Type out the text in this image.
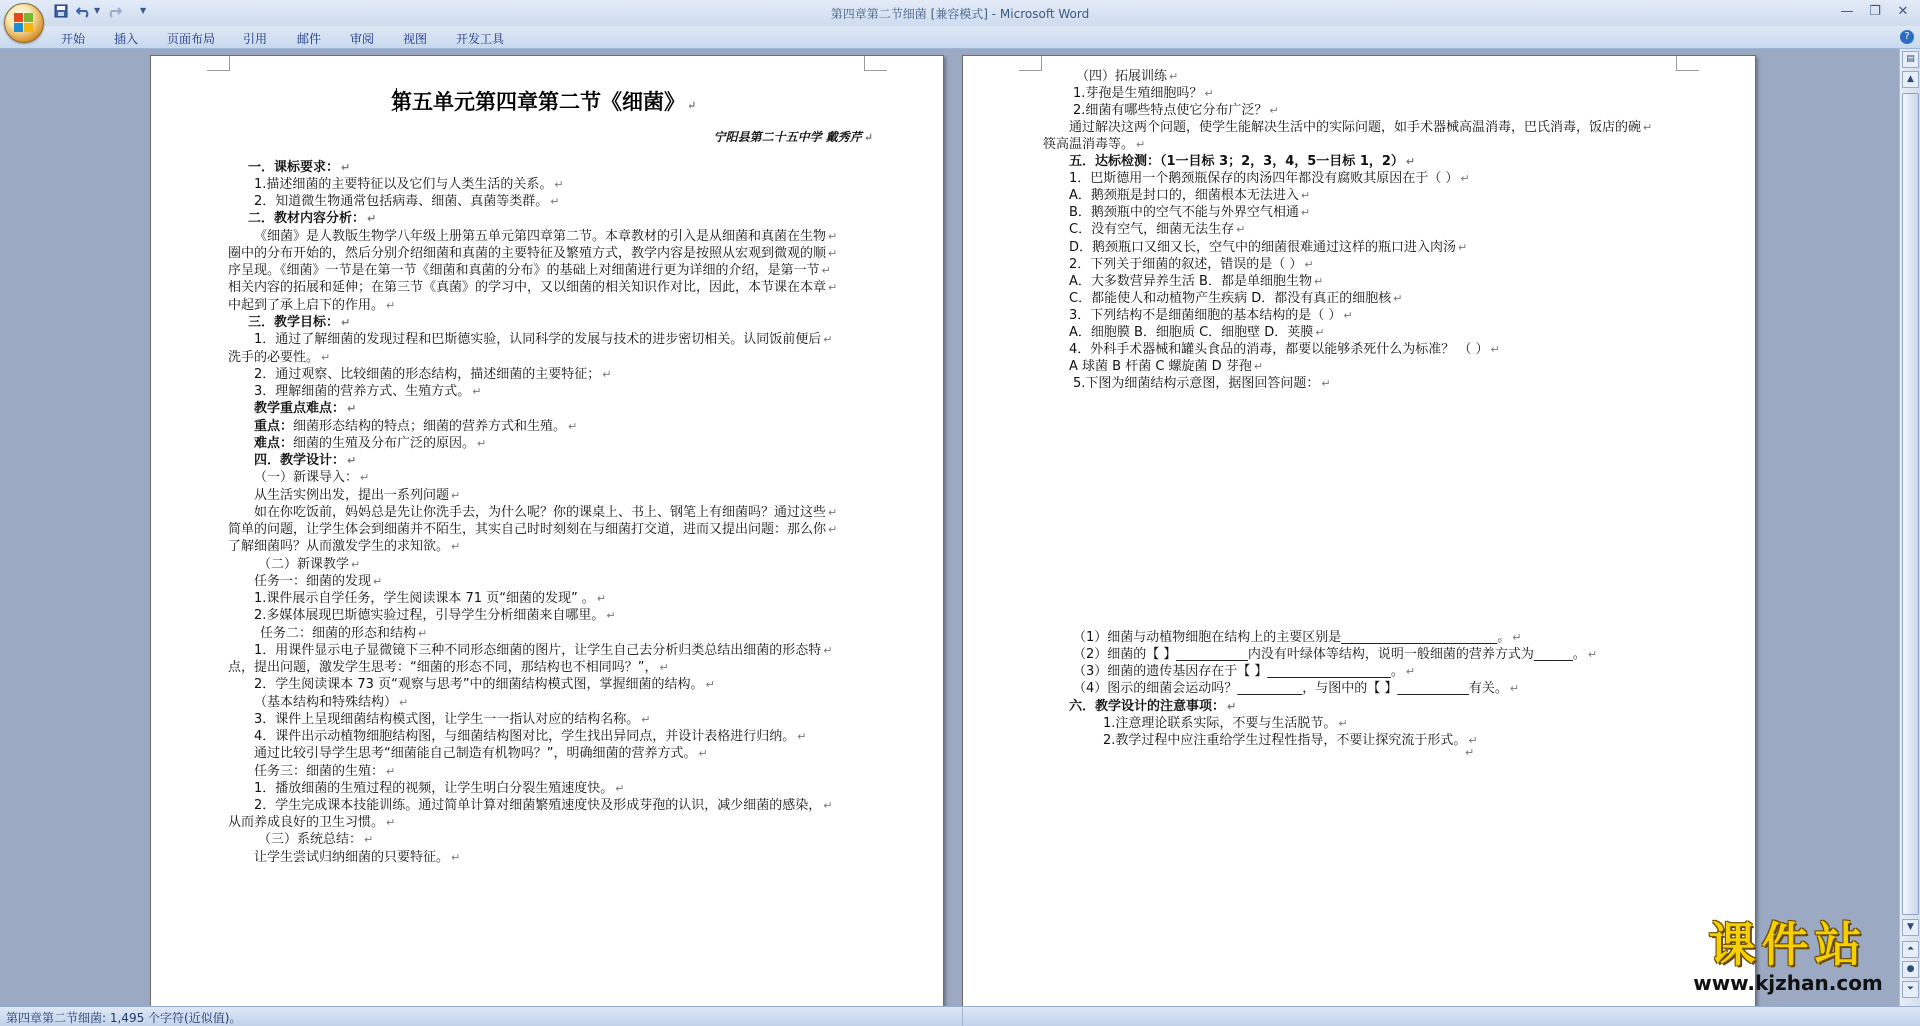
▼	▼	第四章第二节细菌 [兼容模式] - Microsoft Word	—	❐	✕
开始 插入 页面布局 引用 邮件 审阅 视图 开发工具	?
第五单元第四章第二节《细菌》 ↵
宁阳县第二十五中学 戴秀芹 ↵
一．课标要求： ↵
1.描述细菌的主要特征以及它们与人类生活的关系。 ↵
2．知道微生物通常包括病毒、细菌、真菌等类群。 ↵
二．教材内容分析： ↵
《细菌》是人教版生物学八年级上册第五单元第四章第二节。本章教材的引入是从细菌和真菌在生物 ↵
圈中的分布开始的，然后分别介绍细菌和真菌的主要特征及繁殖方式，教学内容是按照从宏观到微观的顺 ↵
序呈现。《细菌》一节是在第一节《细菌和真菌的分布》的基础上对细菌进行更为详细的介绍，是第一节 ↵
相关内容的拓展和延伸；在第三节《真菌》的学习中，又以细菌的相关知识作对比，因此，本节课在本章 ↵
中起到了承上启下的作用。 ↵
三．教学目标： ↵
1．通过了解细菌的发现过程和巴斯德实验，认同科学的发展与技术的进步密切相关。认同饭前便后 ↵
洗手的必要性。 ↵
2．通过观察、比较细菌的形态结构，描述细菌的主要特征； ↵
3．理解细菌的营养方式、生殖方式。 ↵
教学重点难点： ↵
重点：细菌形态结构的特点；细菌的营养方式和生殖。 ↵
难点：细菌的生殖及分布广泛的原因。 ↵
四．教学设计： ↵
（一）新课导入： ↵
从生活实例出发，提出一系列问题 ↵
如在你吃饭前，妈妈总是先让你洗手去，为什么呢？你的课桌上、书上、钢笔上有细菌吗？通过这些 ↵
简单的问题，让学生体会到细菌并不陌生，其实自己时时刻刻在与细菌打交道，进而又提出问题：那么你 ↵
了解细菌吗？从而激发学生的求知欲。 ↵
（二）新课教学 ↵
任务一：细菌的发现 ↵
1.课件展示自学任务，学生阅读课本 71 页“细菌的发现” 。 ↵
2.多媒体展现巴斯德实验过程，引导学生分析细菌来自哪里。 ↵
任务二：细菌的形态和结构 ↵
1．用课件显示电子显微镜下三种不同形态细菌的图片，让学生自己去分析归类总结出细菌的形态特 ↵
点，提出问题，激发学生思考：“细菌的形态不同，那结构也不相同吗？”， ↵
2．学生阅读课本 73 页“观察与思考”中的细菌结构模式图，掌握细菌的结构。 ↵
（基本结构和特殊结构） ↵
3．课件上呈现细菌结构模式图，让学生一一指认对应的结构名称。 ↵
4．课件出示动植物细胞结构图，与细菌结构图对比，学生找出异同点，并设计表格进行归纳。 ↵
通过比较引导学生思考“细菌能自己制造有机物吗？”，明确细菌的营养方式。 ↵
任务三：细菌的生殖： ↵
1．播放细菌的生殖过程的视频，让学生明白分裂生殖速度快。 ↵
2．学生完成课本技能训练。通过简单计算对细菌繁殖速度快及形成芽孢的认识，减少细菌的感染， ↵
从而养成良好的卫生习惯。 ↵
（三）系统总结： ↵
让学生尝试归纳细菌的只要特征。 ↵
（四）拓展训练 ↵
1.芽孢是生殖细胞吗？ ↵
2.细菌有哪些特点使它分布广泛？ ↵
通过解决这两个问题，使学生能解决生活中的实际问题，如手术器械高温消毒，巴氏消毒，饭店的碗 ↵
筷高温消毒等。 ↵
五．达标检测：（1一目标 3；2，3，4，5一目标 1，2） ↵
1．巴斯德用一个鹅颈瓶保存的肉汤四年都没有腐败其原因在于（ ） ↵
A．鹅颈瓶是封口的，细菌根本无法进入 ↵
B．鹅颈瓶中的空气不能与外界空气相通 ↵
C．没有空气，细菌无法生存 ↵
D．鹅颈瓶口又细又长，空气中的细菌很难通过这样的瓶口进入肉汤 ↵
2．下列关于细菌的叙述，错误的是（ ） ↵
A．大多数营异养生活 B．都是单细胞生物 ↵
C．都能使人和动植物产生疾病 D．都没有真正的细胞核 ↵
3．下列结构不是细菌细胞的基本结构的是（ ） ↵
A．细胞膜 B．细胞质 C．细胞壁 D．荚膜 ↵
4．外科手术器械和罐头食品的消毒，都要以能够杀死什么为标准？ （ ） ↵
A 球菌 B 杆菌 C 螺旋菌 D 芽孢 ↵
5.下图为细菌结构示意图，据图回答问题： ↵
（1）细菌与动植物细胞在结构上的主要区别是________________________。 ↵
（2）细菌的【 】___________内没有叶绿体等结构，说明一般细菌的营养方式为______。 ↵
（3）细菌的遗传基因存在于【 】___________________。 ↵
（4）图示的细菌会运动吗？__________，与图中的【 】___________有关。 ↵
六．教学设计的注意事项： ↵
1.注意理论联系实际，不要与生活脱节。 ↵
2.教学过程中应注重给学生过程性指导，不要让探究流于形式。 ↵
↵
▤
▲
▼
⏶
●
⏷
第四章第二节细菌: 1,495 个字符(近似值)。
课件站
www.kjzhan.com
